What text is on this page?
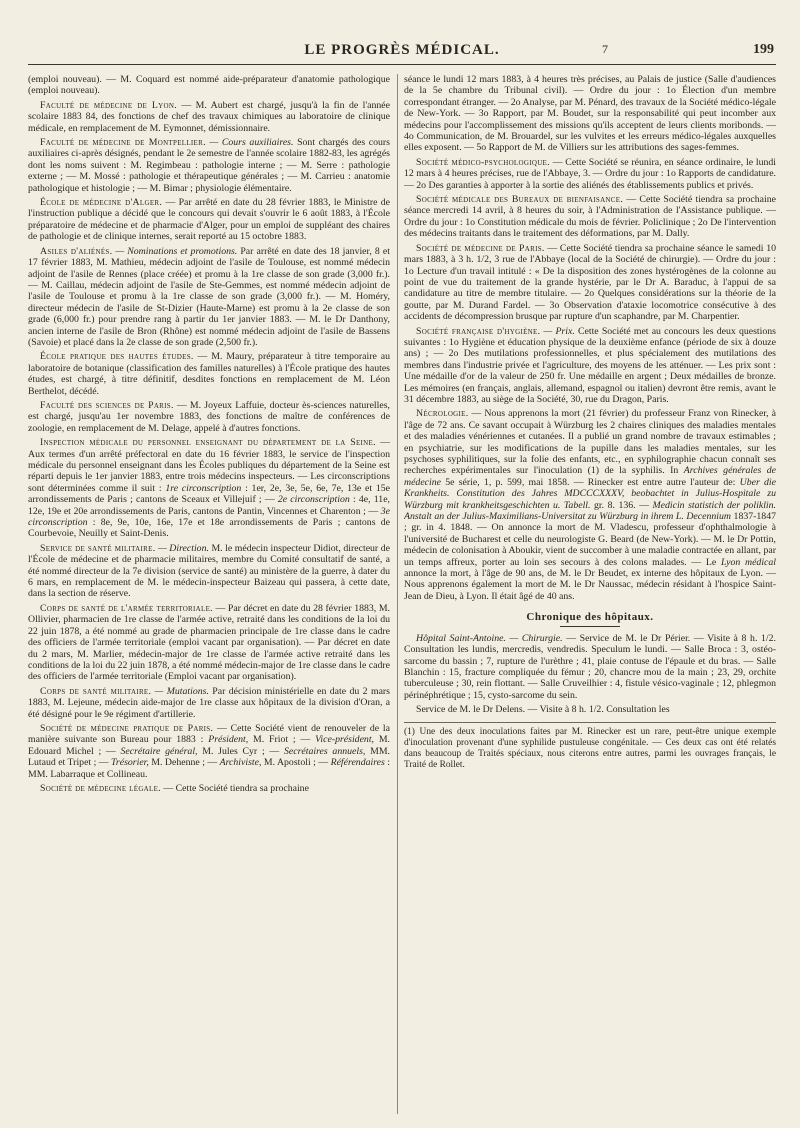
LE PROGRÈS MÉDICAL.	7	199

(emploi nouveau). — M. Coquard est nommé aide-préparateur d'anatomie pathologique (emploi nouveau).

Faculté de médecine de Lyon. — M. Aubert est chargé, jusqu'à la fin de l'année scolaire 1883 84, des fonctions de chef des travaux chimiques au laboratoire de clinique médicale, en remplacement de M. Eymonnet, démissionnaire.

Faculté de médecine de Montpellier. — Cours auxiliaires. Sont chargés des cours auxiliaires ci-après désignés, pendant le 2e semestre de l'année scolaire 1882-83, les agrégés dont les noms suivent : M. Regimbeau : pathologie interne ; — M. Serre : pathologie externe ; — M. Mossé : pathologie et thérapeutique générales ; — M. Carrieu : anatomie pathologique et histologie ; — M. Bimar ; physiologie élémentaire.

École de médecine d'Alger. — Par arrêté en date du 28 février 1883, le Ministre de l'instruction publique a décidé que le concours qui devait s'ouvrir le 6 août 1883, à l'École préparatoire de médecine et de pharmacie d'Alger, pour un emploi de suppléant des chaires de pathologie et de clinique internes, serait reporté au 15 octobre 1883.

Asiles d'aliénés. — Nominations et promotions. Par arrêté en date des 18 janvier, 8 et 17 février 1883, M. Mathieu, médecin adjoint de l'asile de Toulouse, est nommé médecin adjoint de l'asile de Rennes (place créée) et promu à la 1re classe de son grade (3,000 fr.). — M. Caillau, médecin adjoint de l'asile de Ste-Gemmes, est nommé médecin adjoint de l'asile de Toulouse et promu à la 1re classe de son grade (3,000 fr.). — M. Homéry, directeur médecin de l'asile de St-Dizier (Haute-Marne) est promu à la 2e classe de son grade (6,000 fr.) pour prendre rang à partir du 1er janvier 1883. — M. le Dr Danthony, ancien interne de l'asile de Bron (Rhône) est nommé médecin adjoint de l'asile de Bassens (Savoie) et placé dans la 2e classe de son grade (2,500 fr.).

École pratique des hautes études. — M. Maury, préparateur à titre temporaire au laboratoire de botanique (classification des familles naturelles) à l'École pratique des hautes études, est chargé, à titre définitif, desdites fonctions en remplacement de M. Léon Berthelot, décédé.

Faculté des sciences de Paris. — M. Joyeux Laffuie, docteur ès-sciences naturelles, est chargé, jusqu'au 1er novembre 1883, des fonctions de maître de conférences de zoologie, en remplacement de M. Delage, appelé à d'autres fonctions.

Inspection médicale du personnel enseignant du département de la Seine. — Aux termes d'un arrêté préfectoral en date du 16 février 1883, le service de l'inspection médicale du personnel enseignant dans les Écoles publiques du département de la Seine est réparti depuis le 1er janvier 1883, entre trois médecins inspecteurs. — Les circonscriptions sont déterminées comme il suit : 1re circonscription : 1er, 2e, 3e, 5e, 6e, 7e, 13e et 15e arrondissements de Paris ; cantons de Sceaux et Villejuif ; — 2e circonscription : 4e, 11e, 12e, 19e et 20e arrondissements de Paris, cantons de Pantin, Vincennes et Charenton ; — 3e circonscription : 8e, 9e, 10e, 16e, 17e et 18e arrondissements de Paris ; cantons de Courbevoie, Neuilly et Saint-Denis.

Service de santé militaire. — Direction. M. le médecin inspecteur Didiot, directeur de l'École de médecine et de pharmacie militaires, membre du Comité consultatif de santé, a été nommé directeur de la 7e division (service de santé) au ministère de la guerre, à dater du 6 mars, en remplacement de M. le médecin-inspecteur Baizeau qui passera, à cette date, dans la section de réserve.

Corps de santé de l'armée territoriale. — Par décret en date du 28 février 1883, M. Ollivier, pharmacien de 1re classe de l'armée active, retraité dans les conditions de la loi du 22 juin 1878, a été nommé au grade de pharmacien principale de 1re classe dans le cadre des officiers de l'armée territoriale (emploi vacant par organisation). — Par décret en date du 2 mars, M. Marlier, médecin-major de 1re classe de l'armée active retraité dans les conditions de la loi du 22 juin 1878, a été nommé médecin-major de 1re classe dans le cadre des officiers de l'armée territoriale (Emploi vacant par organisation).

Corps de santé militaire. — Mutations. Par décision ministérielle en date du 2 mars 1883, M. Lejeune, médecin aide-major de 1re classe aux hôpitaux de la division d'Oran, a été désigné pour le 9e régiment d'artillerie.

Société de médecine pratique de Paris. — Cette Société vient de renouveler de la manière suivante son Bureau pour 1883 : Président, M. Friot ; — Vice-président, M. Edouard Michel ; — Secrétaire général, M. Jules Cyr ; — Secrétaires annuels, MM. Lutaud et Tripet ; — Trésorier, M. Dehenne ; — Archiviste, M. Apostoli ; — Référendaires : MM. Labarraque et Collineau.

Société de médecine légale. — Cette Société tiendra sa prochaine

séance le lundi 12 mars 1883, à 4 heures très précises, au Palais de justice (Salle d'audiences de la 5e chambre du Tribunal civil). — Ordre du jour : 1o Élection d'un membre correspondant étranger. — 2o Analyse, par M. Pénard, des travaux de la Société médico-légale de New-York. — 3o Rapport, par M. Boudet, sur la responsabilité qui peut incomber aux médecins pour l'accomplissement des missions qu'ils acceptent de leurs clients moribonds. — 4o Communication, de M. Brouardel, sur les vulvites et les erreurs médico-légales auxquelles elles exposent. — 5o Rapport de M. de Villiers sur les attributions des sages-femmes.

Société médico-psychologique. — Cette Société se réunira, en séance ordinaire, le lundi 12 mars à 4 heures précises, rue de l'Abbaye, 3. — Ordre du jour : 1o Rapports de candidature. — 2o Des garanties à apporter à la sortie des aliénés des établissements publics et privés.

Société médicale des Bureaux de bienfaisance. — Cette Société tiendra sa prochaine séance mercredi 14 avril, à 8 heures du soir, à l'Administration de l'Assistance publique. — Ordre du jour : 1o Constitution médicale du mois de février. Policlinique ; 2o De l'intervention des médecins traitants dans le traitement des déformations, par M. Dally.

Société de médecine de Paris. — Cette Société tiendra sa prochaine séance le samedi 10 mars 1883, à 3 h. 1/2, 3 rue de l'Abbaye (local de la Société de chirurgie). — Ordre du jour : 1o Lecture d'un travail intitulé : « De la disposition des zones hystérogènes de la colonne au point de vue du traitement de la grande hystérie, par le Dr A. Baraduc, à l'appui de sa candidature au titre de membre titulaire. — 2o Quelques considérations sur la théorie de la goutte, par M. Durand Fardel. — 3o Observation d'ataxie locomotrice consécutive à des accidents de décompression brusque par rupture d'un scaphandre, par M. Charpentier.

Société française d'hygiène. — Prix. Cette Société met au concours les deux questions suivantes : 1o Hygiène et éducation physique de la deuxième enfance (période de six à douze ans) ; — 2o Des mutilations professionnelles, et plus spécialement des mutilations des membres dans l'industrie privée et l'agriculture, des moyens de les atténuer. — Les prix sont : Une médaille d'or de la valeur de 250 fr. Une médaille en argent ; Deux médailles de bronze. Les mémoires (en français, anglais, allemand, espagnol ou italien) devront être remis, avant le 31 décembre 1883, au siège de la Société, 30, rue du Dragon, Paris.

Nécrologie. — Nous apprenons la mort (21 février) du professeur Franz von Rinecker, à l'âge de 72 ans. Ce savant occupait à Würzburg les 2 chaires cliniques des maladies mentales et des maladies vénériennes et cutanées. Il a publié un grand nombre de travaux estimables ; en psychiatrie, sur les modifications de la pupille dans les maladies mentales, sur les psychoses syphilitiques, sur la folie des enfants, etc., en syphilographie chacun connaît ses recherches expérimentales sur l'inoculation (1) de la syphilis. In Archives générales de médecine 5e série, 1, p. 599, mai 1858. — Rinecker est entre autre l'auteur de: Uber die Krankheits. Constitution des Jahres MDCCCXXXV, beobachtet in Julius-Hospitale zu Würzburg mit krankheitsgeschichten u. Tabell. gr. 8. 136. — Medicin statistich der poliklin. Anstalt an der Julius-Maximilians-Universitat zu Würzburg in ihrem L. Decennium 1837-1847 ; gr. in 4. 1848. — On annonce la mort de M. Vladescu, professeur d'ophthalmologie à l'université de Bucharest et celle du neurologiste G. Beard (de New-York). — M. le Dr Pottin, médecin de colonisation à Aboukir, vient de succomber à une maladie contractée en allant, par un temps affreux, porter au loin ses secours à des colons malades. — Le Lyon médical annonce la mort, à l'âge de 90 ans, de M. le Dr Beudet, ex interne des hôpitaux de Lyon. — Nous apprenons également la mort de M. le Dr Naussac, médecin résidant à l'hospice Saint-Jean de Dieu, à Lyon. Il était âgé de 40 ans.

Chronique des hôpitaux.

Hôpital Saint-Antoine. — Chirurgie. — Service de M. le Dr Périer. — Visite à 8 h. 1/2. Consultation les lundis, mercredis, vendredis. Speculum le lundi. — Salle Broca : 3, ostéo-sarcome du bassin ; 7, rupture de l'urèthre ; 41, plaie contuse de l'épaule et du bras. — Salle Blanchin : 15, fracture compliquée du fémur ; 20, chancre mou de la main ; 23, 29, orchite tuberculeuse ; 30, rein flottant. — Salle Cruveilhier : 4, fistule vésico-vaginale ; 12, phlegmon périnéphrétique ; 15, cysto-sarcome du sein.

Service de M. le Dr Delens. — Visite à 8 h. 1/2. Consultation les

(1) Une des deux inoculations faites par M. Rinecker est un rare, peut-être unique exemple d'inoculation provenant d'une syphilide pustuleuse congénitale. — Ces deux cas ont été relatés dans beaucoup de Traités spéciaux, nous citerons entre autres, parmi les ouvrages français, le Traité de Rollet.
